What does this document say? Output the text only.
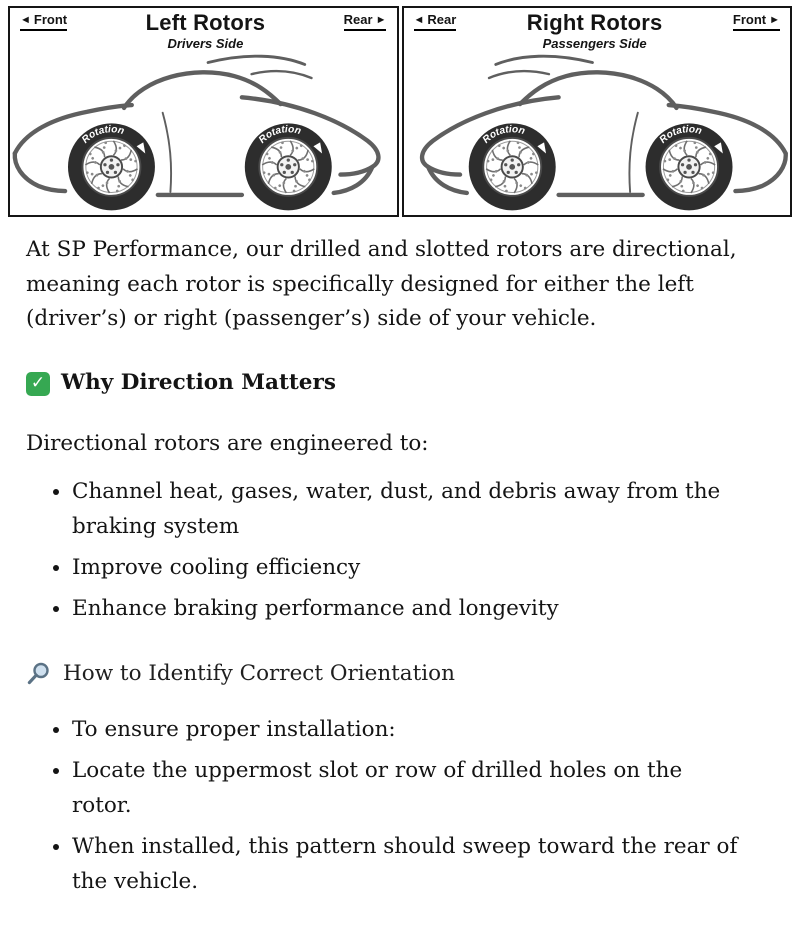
◄ Front	Left Rotors
Drivers Side
Rear ►
Rotation
Rotation
◄ Rear	Right Rotors
Passengers Side
Front ►
Rotation
Rotation

At SP Performance, our drilled and slotted rotors are directional, meaning each rotor is specifically designed for either the left (driver’s) or right (passenger’s) side of your vehicle.

✓ Why Direction Matters

Directional rotors are engineered to:

• Channel heat, gases, water, dust, and debris away from the braking system
• Improve cooling efficiency
• Enhance braking performance and longevity
How to Identify Correct Orientation
• To ensure proper installation:
• Locate the uppermost slot or row of drilled holes on the rotor.
• When installed, this pattern should sweep toward the rear of the vehicle.
